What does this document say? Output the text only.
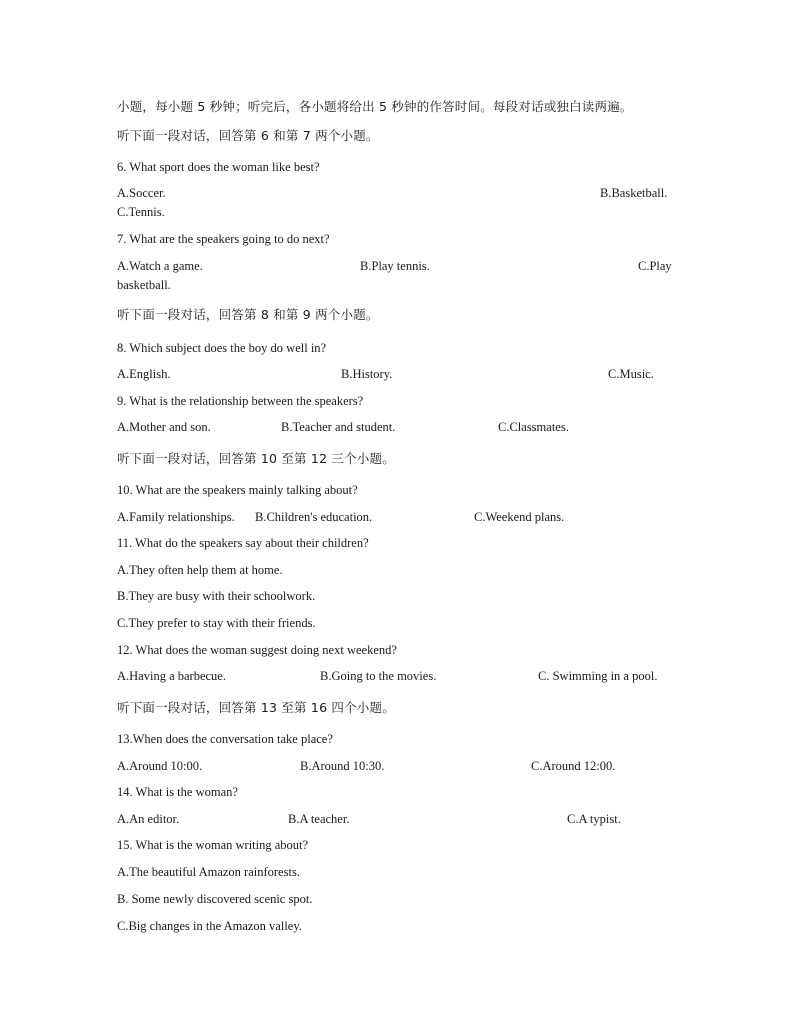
小题，每小题 5 秒钟；听完后，各小题将给出 5 秒钟的作答时间。每段对话或独白读两遍。
听下面一段对话，回答第 6 和第 7 两个小题。
6. What sport does the woman like best?
A.Soccer.	B.Basketball.
C.Tennis.
7. What are the speakers going to do next?
A.Watch a game.	B.Play tennis.	C.Play
basketball.
听下面一段对话，回答第 8 和第 9 两个小题。
8. Which subject does the boy do well in?
A.English.	B.History.	C.Music.
9. What is the relationship between the speakers?
A.Mother and son.	B.Teacher and student.	C.Classmates.
听下面一段对话，回答第 10 至第 12 三个小题。
10. What are the speakers mainly talking about?
A.Family relationships. B.Children's education.	C.Weekend plans.
11. What do the speakers say about their children?
A.They often help them at home.
B.They are busy with their schoolwork.
C.They prefer to stay with their friends.
12. What does the woman suggest doing next weekend?
A.Having a barbecue.	B.Going to the movies.	C. Swimming in a pool.
听下面一段对话，回答第 13 至第 16 四个小题。
13.When does the conversation take place?
A.Around 10:00.	B.Around 10:30.	C.Around 12:00.
14. What is the woman?
A.An editor.	B.A teacher.	C.A typist.
15. What is the woman writing about?
A.The beautiful Amazon rainforests.
B. Some newly discovered scenic spot.
C.Big changes in the Amazon valley.
